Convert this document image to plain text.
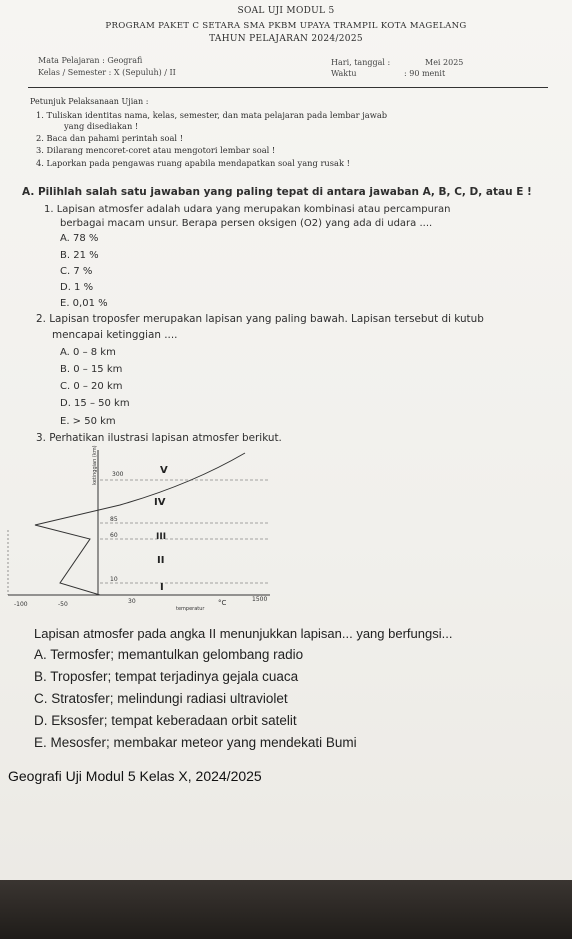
SOAL UJI MODUL 5
PROGRAM PAKET C SETARA SMA PKBM UPAYA TRAMPIL KOTA MAGELANG
TAHUN PELAJARAN 2024/2025
Mata Pelajaran : Geografi
Kelas / Semester : X (Sepuluh) / II
Hari, tanggal :	Mei 2025
Waktu	: 90 menit
Petunjuk Pelaksanaan Ujian :
1. Tuliskan identitas nama, kelas, semester, dan mata pelajaran pada lembar jawab
yang disediakan !
2. Baca dan pahami perintah soal !
3. Dilarang mencoret-coret atau mengotori lembar soal !
4. Laporkan pada pengawas ruang apabila mendapatkan soal yang rusak !
A. Pilihlah salah satu jawaban yang paling tepat di antara jawaban A, B, C, D, atau E !
1. Lapisan atmosfer adalah udara yang merupakan kombinasi atau percampuran
berbagai macam unsur. Berapa persen oksigen (O2) yang ada di udara ....
A. 78 %
B. 21 %
C. 7 %
D. 1 %
E. 0,01 %
2. Lapisan troposfer merupakan lapisan yang paling bawah. Lapisan tersebut di kutub
mencapai ketinggian ....
A. 0 – 8 km
B. 0 – 15 km
C. 0 – 20 km
D. 15 – 50 km
E. > 50 km
3. Perhatikan ilustrasi lapisan atmosfer berikut.
ketinggian (km) 300
85
60
10
V
IV
III
II
I
-100	-50	30	1500
temperatur
°C
Lapisan atmosfer pada angka II menunjukkan lapisan... yang berfungsi...
A. Termosfer; memantulkan gelombang radio
B. Troposfer; tempat terjadinya gejala cuaca
C. Stratosfer; melindungi radiasi ultraviolet
D. Eksosfer; tempat keberadaan orbit satelit
E. Mesosfer; membakar meteor yang mendekati Bumi
Geografi Uji Modul 5 Kelas X, 2024/2025
